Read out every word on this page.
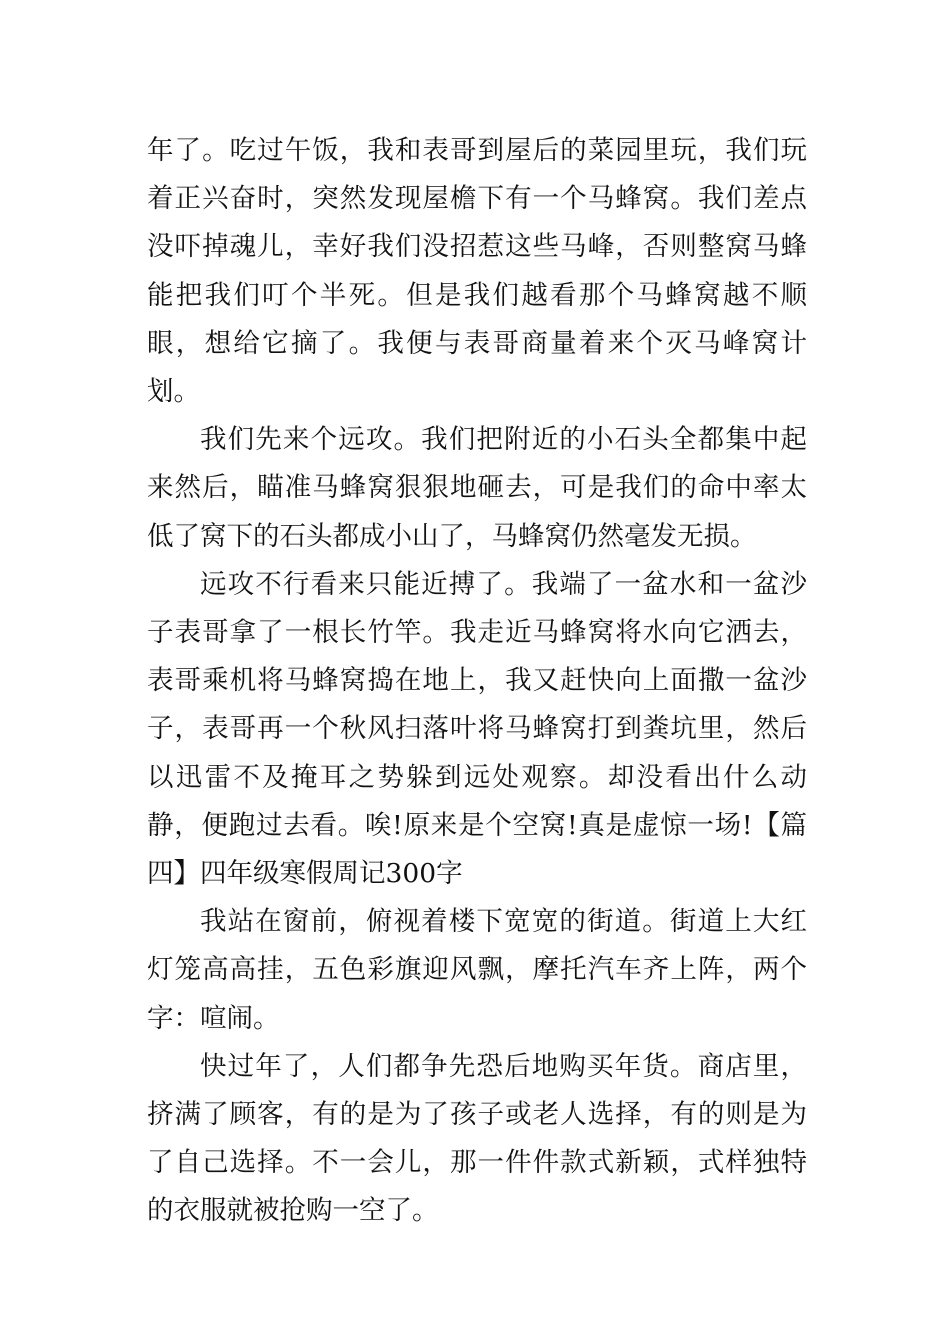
年了。吃过午饭，我和表哥到屋后的菜园里玩，我们玩着正兴奋时，突然发现屋檐下有一个马蜂窝。我们差点没吓掉魂儿，幸好我们没招惹这些马峰，否则整窝马蜂能把我们叮个半死。但是我们越看那个马蜂窝越不顺眼，想给它摘了。我便与表哥商量着来个灭马峰窝计划。

我们先来个远攻。我们把附近的小石头全都集中起来然后，瞄准马蜂窝狠狠地砸去，可是我们的命中率太低了窝下的石头都成小山了，马蜂窝仍然毫发无损。

远攻不行看来只能近搏了。我端了一盆水和一盆沙子表哥拿了一根长竹竿。我走近马蜂窝将水向它洒去，表哥乘机将马蜂窝捣在地上，我又赶快向上面撒一盆沙子，表哥再一个秋风扫落叶将马蜂窝打到粪坑里，然后以迅雷不及掩耳之势躲到远处观察。却没看出什么动静，便跑过去看。唉!原来是个空窝!真是虚惊一场!【篇四】四年级寒假周记300字

我站在窗前，俯视着楼下宽宽的街道。街道上大红灯笼高高挂，五色彩旗迎风飘，摩托汽车齐上阵，两个字：喧闹。

快过年了，人们都争先恐后地购买年货。商店里，挤满了顾客，有的是为了孩子或老人选择，有的则是为了自己选择。不一会儿，那一件件款式新颖，式样独特的衣服就被抢购一空了。
